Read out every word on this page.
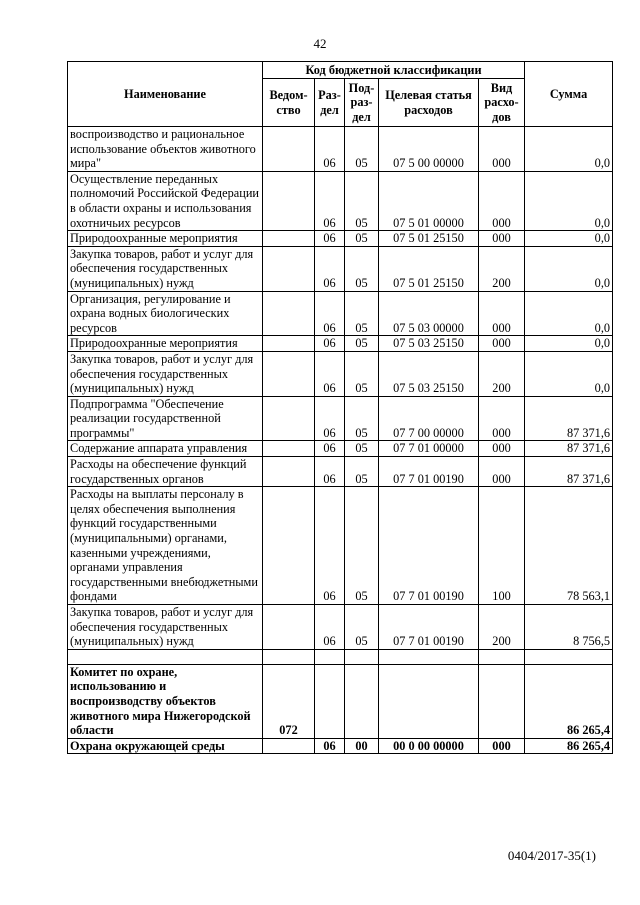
42
Наименование	Код бюджетной классификации					Сумма
	Ведом-ство	Раз-дел	Под-раз-дел	Целевая статья расходов	Вид расхо-дов	
воспроизводство и рациональное использование объектов животного мира"		06	05	07 5 00 00000	000	0,0
Осуществление переданных полномочий Российской Федерации в области охраны и использования охотничьих ресурсов		06	05	07 5 01 00000	000	0,0
Природоохранные мероприятия		06	05	07 5 01 25150	000	0,0
Закупка товаров, работ и услуг для обеспечения государственных (муниципальных) нужд		06	05	07 5 01 25150	200	0,0
Организация, регулирование и охрана водных биологических ресурсов		06	05	07 5 03 00000	000	0,0
Природоохранные мероприятия		06	05	07 5 03 25150	000	0,0
Закупка товаров, работ и услуг для обеспечения государственных (муниципальных) нужд		06	05	07 5 03 25150	200	0,0
Подпрограмма "Обеспечение реализации государственной программы"		06	05	07 7 00 00000	000	87 371,6
Содержание аппарата управления		06	05	07 7 01 00000	000	87 371,6
Расходы на обеспечение функций государственных органов		06	05	07 7 01 00190	000	87 371,6
Расходы на выплаты персоналу в целях обеспечения выполнения функций государственными (муниципальными) органами, казенными учреждениями, органами управления государственными внебюджетными фондами		06	05	07 7 01 00190	100	78 563,1
Закупка товаров, работ и услуг для обеспечения государственных (муниципальных) нужд		06	05	07 7 01 00190	200	8 756,5

Комитет по охране, использованию и воспроизводству объектов животного мира Нижегородской области	072					86 265,4
Охрана окружающей среды		06	00	00 0 00 00000	000	86 265,4
0404/2017-35(1)
